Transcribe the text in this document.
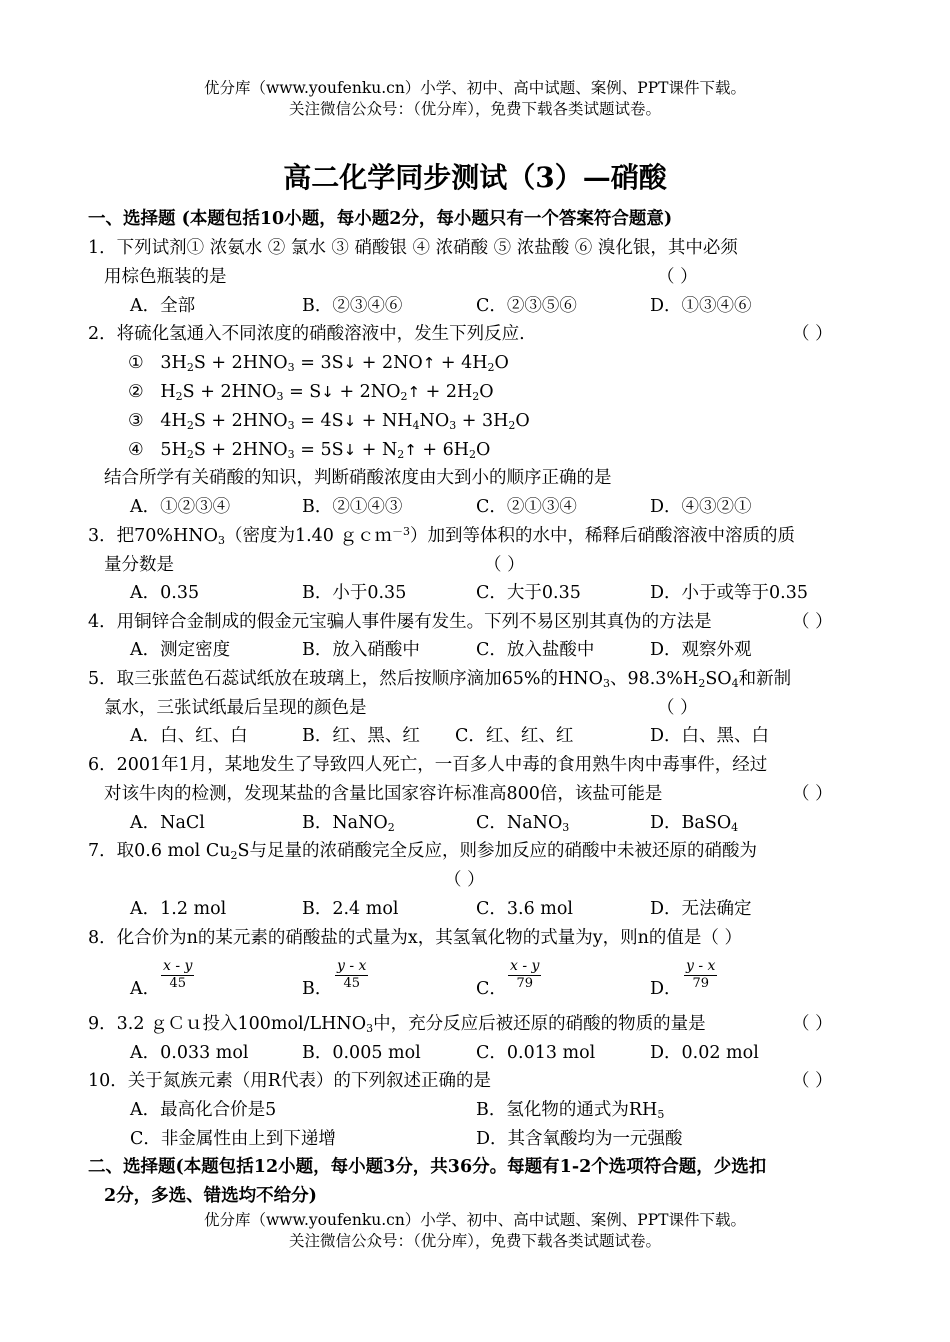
优分库（www.youfenku.cn）小学、初中、高中试题、案例、PPT课件下载。
关注微信公众号：（优分库），免费下载各类试题试卷。
高二化学同步测试（3）—硝酸
一、选择题 (本题包括10小题，每小题2分，每小题只有一个答案符合题意)
1．下列试剂① 浓氨水 ② 氯水 ③ 硝酸银 ④ 浓硝酸 ⑤ 浓盐酸 ⑥ 溴化银，其中必须
用棕色瓶装的是	（ ）
A．全部	B．②③④⑥	C．②③⑤⑥	D．①③④⑥
2．将硫化氢通入不同浓度的硝酸溶液中，发生下列反应.	（ ）
① $3H_2S + 2HNO_3$ = 3S↓ + 2NO↑ + $4H_2O$
② $H_2S + 2HNO_3$ = S↓ + $2NO_2↑ + 2H_2O$
③ $4H_2S + 2HNO_3$ = 4S↓ + $NH_4NO_3 + 3H_2O$
④ $5H_2S + 2HNO_3$ = 5S↓ + $N_2↑ + 6H_2O$
结合所学有关硝酸的知识，判断硝酸浓度由大到小的顺序正确的是
A．①②③④	B．②①④③	C．②①③④	D．④③②①
3．把$70\%HNO_3$（密度为1.40 ｇｃｍ$^{-3}$）加到等体积的水中，稀释后硝酸溶液中溶质的质
量分数是	（ ）
A．0.35	B．小于0.35	C．大于0.35	D．小于或等于0.35
4．用铜锌合金制成的假金元宝骗人事件屡有发生。下列不易区别其真伪的方法是	（ ）
A．测定密度	B．放入硝酸中	C．放入盐酸中	D．观察外观
5．取三张蓝色石蕊试纸放在玻璃上，然后按顺序滴加65%的$HNO_3$、$98.3\%H_2SO_4$和新制
氯水，三张试纸最后呈现的颜色是	（ ）
A．白、红、白	B．红、黑、红 C．红、红、红	D．白、黑、白
6．2001年1月，某地发生了导致四人死亡，一百多人中毒的食用熟牛肉中毒事件，经过
对该牛肉的检测，发现某盐的含量比国家容许标准高800倍，该盐可能是	（ ）
A．NaCl	B．NaNO$_2$	C．NaNO$_3$	D．BaSO$_4$
7．取0.6 mol $Cu_2S$与足量的浓硝酸完全反应，则参加反应的硝酸中未被还原的硝酸为
（ ）
A．1.2 mol	B．2.4 mol	C．3.6 mol	D．无法确定
8．化合价为n的某元素的硝酸盐的式量为x，其氢氧化物的式量为y，则n的值是（ ）
A． $\frac{x - y}{45}$	B． $\frac{y - x}{45}$	C． $\frac{x - y}{79}$	D． $\frac{y - x}{79}$
9．3.2 ｇＣｕ投入$100mol/LHNO_3$中，充分反应后被还原的硝酸的物质的量是	（ ）
A．0.033 mol	B．0.005 mol	C．0.013 mol	D．0.02 mol
10．关于氮族元素（用R代表）的下列叙述正确的是	（ ）
A．最高化合价是5	B．氢化物的通式为$RH_5$
C．非金属性由上到下递增	D．其含氧酸均为一元强酸
二、选择题(本题包括12小题，每小题3分，共36分。每题有1-2个选项符合题，少选扣
2分，多选、错选均不给分)
优分库（www.youfenku.cn）小学、初中、高中试题、案例、PPT课件下载。
关注微信公众号：（优分库），免费下载各类试题试卷。
